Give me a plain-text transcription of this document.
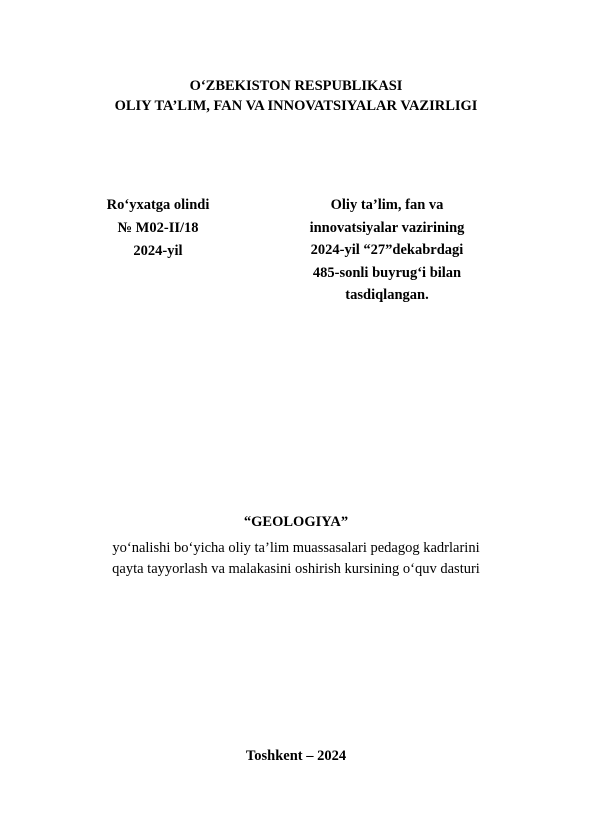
O‘ZBEKISTON RESPUBLIKASI
OLIY TA’LIM, FAN VA INNOVATSIYALAR VAZIRLIGI
Ro‘yxatga olindi
№ M02-II/18
2024-yil
Oliy ta’lim, fan va
innovatsiyalar vazirining
2024-yil “27”dekabrdagi
485-sonli buyrug‘i bilan
tasdiqlangan.
“GEOLOGIYA”
yo‘nalishi bo‘yicha oliy ta’lim muassasalari pedagog kadrlarini
qayta tayyorlash va malakasini oshirish kursining o‘quv dasturi
Toshkent – 2024
